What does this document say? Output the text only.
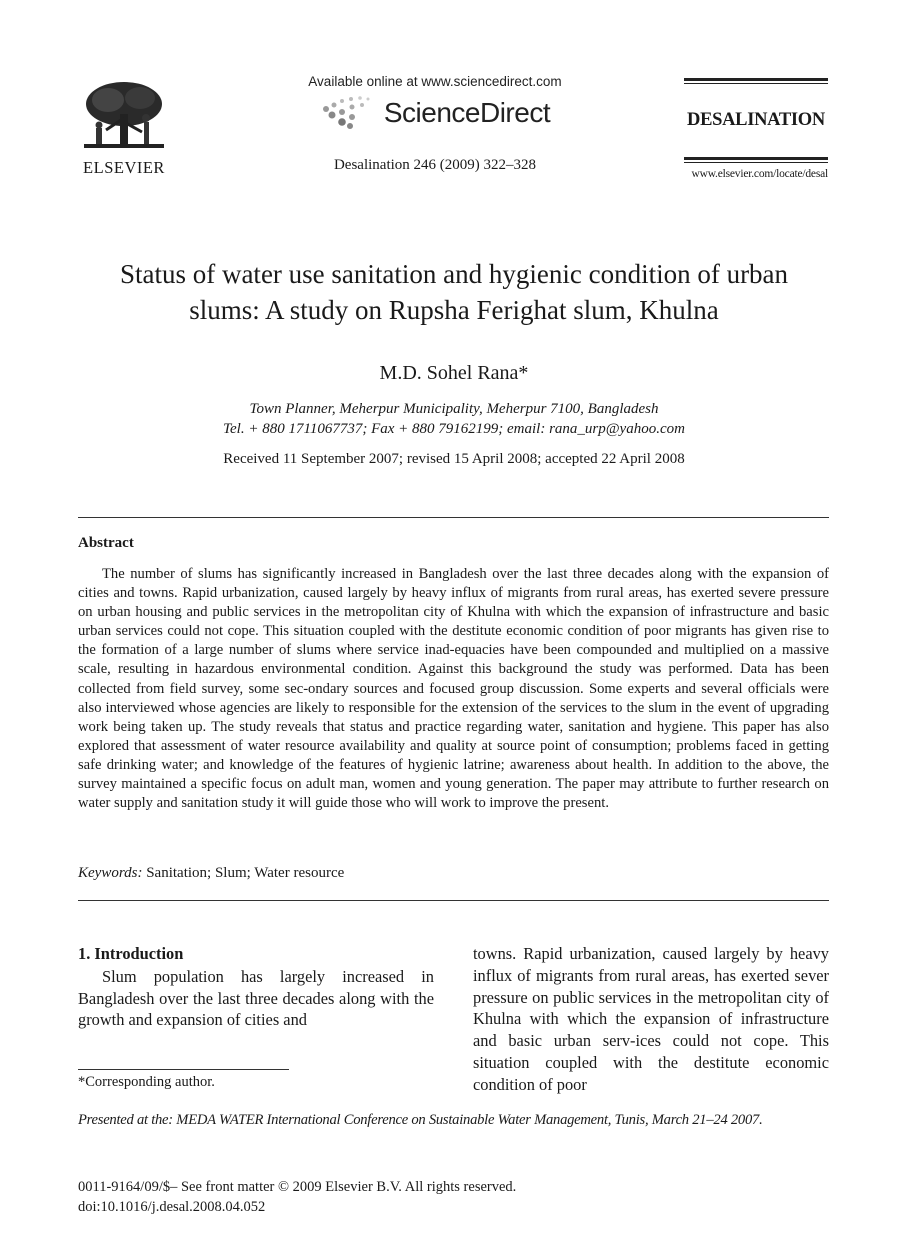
ELSEVIER
Available online at www.sciencedirect.com
ScienceDirect
Desalination 246 (2009) 322–328
DESALINATION
www.elsevier.com/locate/desal
Status of water use sanitation and hygienic condition of urban
slums: A study on Rupsha Ferighat slum, Khulna
M.D. Sohel Rana*
Town Planner, Meherpur Municipality, Meherpur 7100, Bangladesh
Tel. + 880 1711067737; Fax + 880 79162199; email: rana_urp@yahoo.com
Received 11 September 2007; revised 15 April 2008; accepted 22 April 2008
Abstract

The number of slums has significantly increased in Bangladesh over the last three decades along with the expansion of cities and towns. Rapid urbanization, caused largely by heavy influx of migrants from rural areas, has exerted severe pressure on urban housing and public services in the metropolitan city of Khulna with which the expansion of infrastructure and basic urban services could not cope. This situation coupled with the destitute economic condition of poor migrants has given rise to the formation of a large number of slums where service inad-equacies have been compounded and multiplied on a massive scale, resulting in hazardous environmental condition. Against this background the study was performed. Data has been collected from field survey, some sec-ondary sources and focused group discussion. Some experts and several officials were also interviewed whose agencies are likely to responsible for the extension of the services to the slum in the event of upgrading work being taken up. The study reveals that status and practice regarding water, sanitation and hygiene. This paper has also explored that assessment of water resource availability and quality at source point of consumption; problems faced in getting safe drinking water; and knowledge of the features of hygienic latrine; awareness about health. In addition to the above, the survey maintained a specific focus on adult man, women and young generation. The paper may attribute to further research on water supply and sanitation study it will guide those who will work to improve the present.

Keywords: Sanitation; Slum; Water resource
1. Introduction

Slum population has largely increased in Bangladesh over the last three decades along with the growth and expansion of cities and

towns. Rapid urbanization, caused largely by heavy influx of migrants from rural areas, has exerted sever pressure on public services in the metropolitan city of Khulna with which the expansion of infrastructure and basic urban serv-ices could not cope. This situation coupled with the destitute economic condition of poor

*Corresponding author.
Presented at the: MEDA WATER International Conference on Sustainable Water Management, Tunis, March 21–24 2007.
0011-9164/09/$– See front matter © 2009 Elsevier B.V. All rights reserved.
doi:10.1016/j.desal.2008.04.052
